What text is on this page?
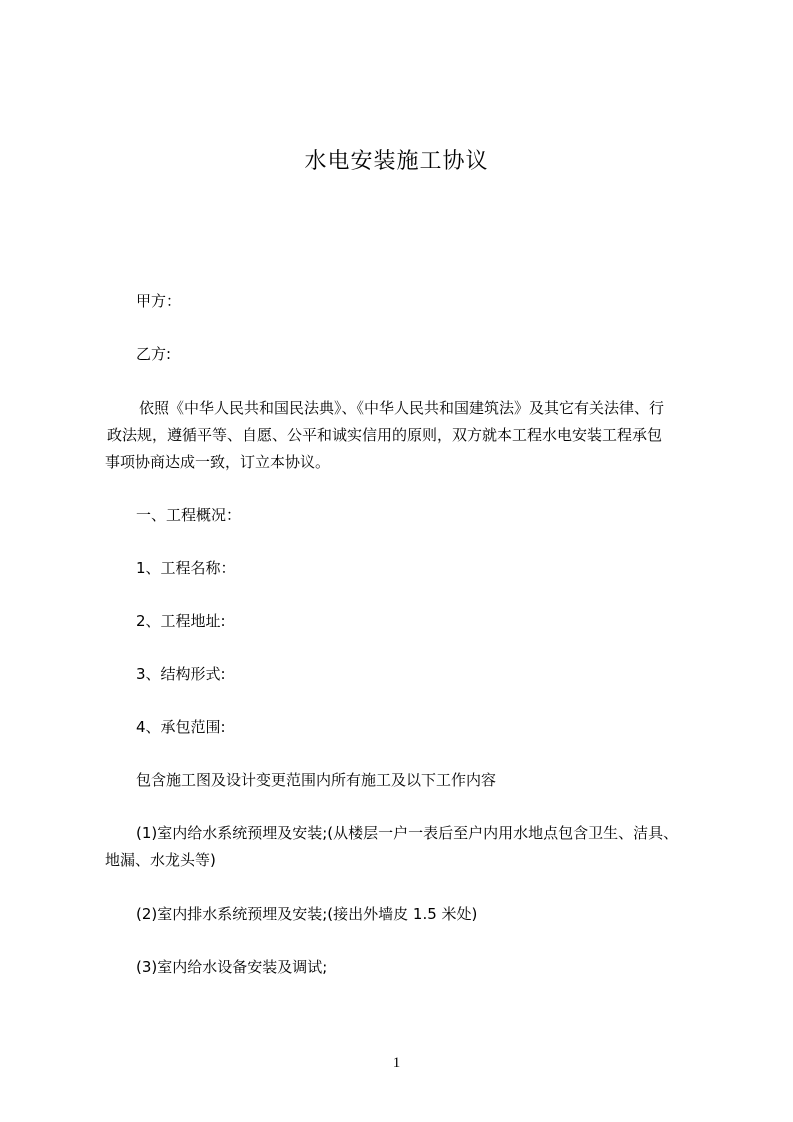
水电安装施工协议
甲方：
乙方:
依照《中华人民共和国民法典》、《中华人民共和国建筑法》及其它有关法律、行
政法规，遵循平等、自愿、公平和诚实信用的原则，双方就本工程水电安装工程承包
事项协商达成一致，订立本协议。
一、工程概况：
1、工程名称：
2、工程地址:
3、结构形式:
4、承包范围:
包含施工图及设计变更范围内所有施工及以下工作内容
(1)室内给水系统预埋及安装;(从楼层一户一表后至户内用水地点包含卫生、洁具、
地漏、水龙头等)
(2)室内排水系统预埋及安装;(接出外墙皮 1.5 米处)
(3)室内给水设备安装及调试;
1
